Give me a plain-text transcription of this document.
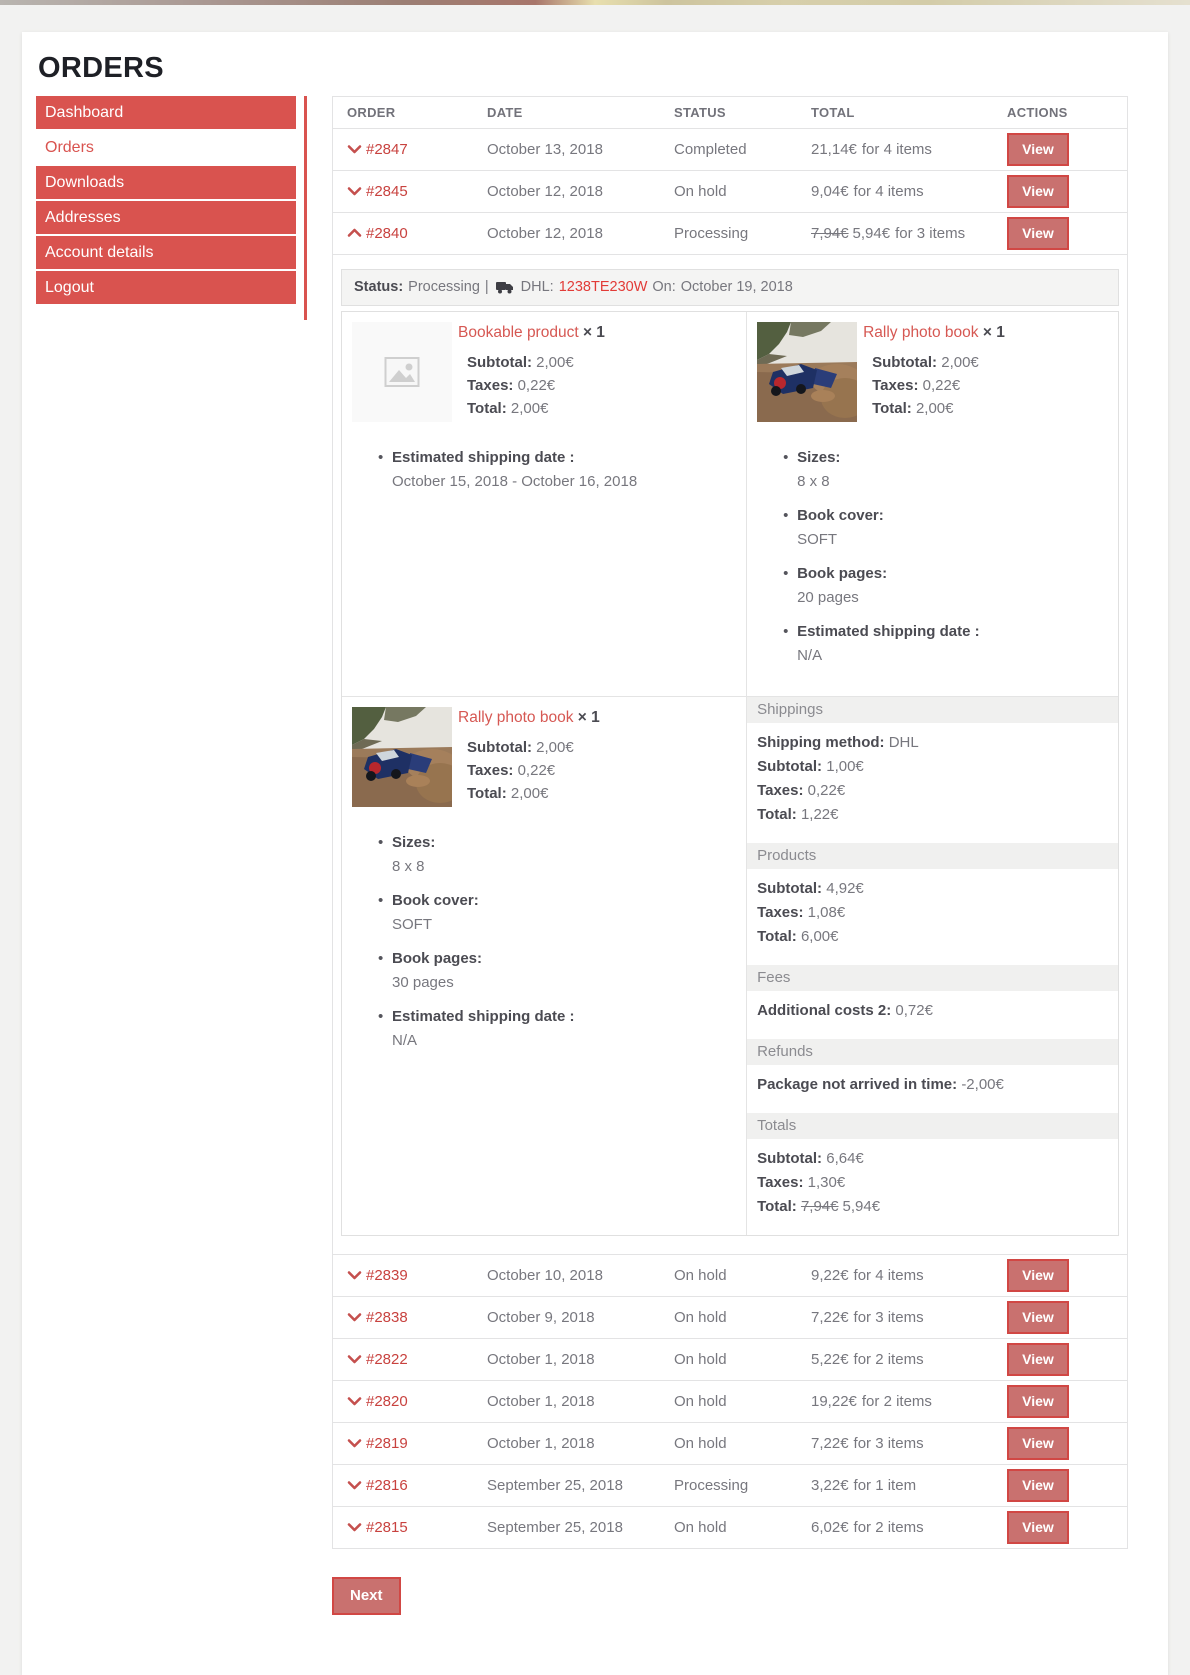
ORDERS
Dashboard
Orders
Downloads
Addresses
Account details
Logout
ORDER	DATE	STATUS	TOTAL	ACTIONS
#2847	October 13, 2018	Completed	21,14€ for 4 items	View
#2845	October 12, 2018	On hold	9,04€ for 4 items	View
#2840	October 12, 2018	Processing	7,94€ 5,94€ for 3 items	View
Status: Processing | DHL: 1238TE230W On: October 19, 2018
Bookable product × 1
Subtotal: 2,00€
Taxes: 0,22€
Total: 2,00€
• Estimated shipping date :
October 15, 2018 - October 16, 2018
Rally photo book × 1
Subtotal: 2,00€
Taxes: 0,22€
Total: 2,00€
• Sizes:
8 x 8
• Book cover:
SOFT
• Book pages:
20 pages
• Estimated shipping date :
N/A
Rally photo book × 1
Subtotal: 2,00€
Taxes: 0,22€
Total: 2,00€
• Sizes:
8 x 8
• Book cover:
SOFT
• Book pages:
30 pages
• Estimated shipping date :
N/A
Shippings
Shipping method: DHL
Subtotal: 1,00€
Taxes: 0,22€
Total: 1,22€
Products
Subtotal: 4,92€
Taxes: 1,08€
Total: 6,00€
Fees
Additional costs 2: 0,72€
Refunds
Package not arrived in time: -2,00€
Totals
Subtotal: 6,64€
Taxes: 1,30€
Total: 7,94€ 5,94€
#2839	October 10, 2018	On hold	9,22€ for 4 items	View
#2838	October 9, 2018	On hold	7,22€ for 3 items	View
#2822	October 1, 2018	On hold	5,22€ for 2 items	View
#2820	October 1, 2018	On hold	19,22€ for 2 items	View
#2819	October 1, 2018	On hold	7,22€ for 3 items	View
#2816	September 25, 2018	Processing	3,22€ for 1 item	View
#2815	September 25, 2018	On hold	6,02€ for 2 items	View
Next
